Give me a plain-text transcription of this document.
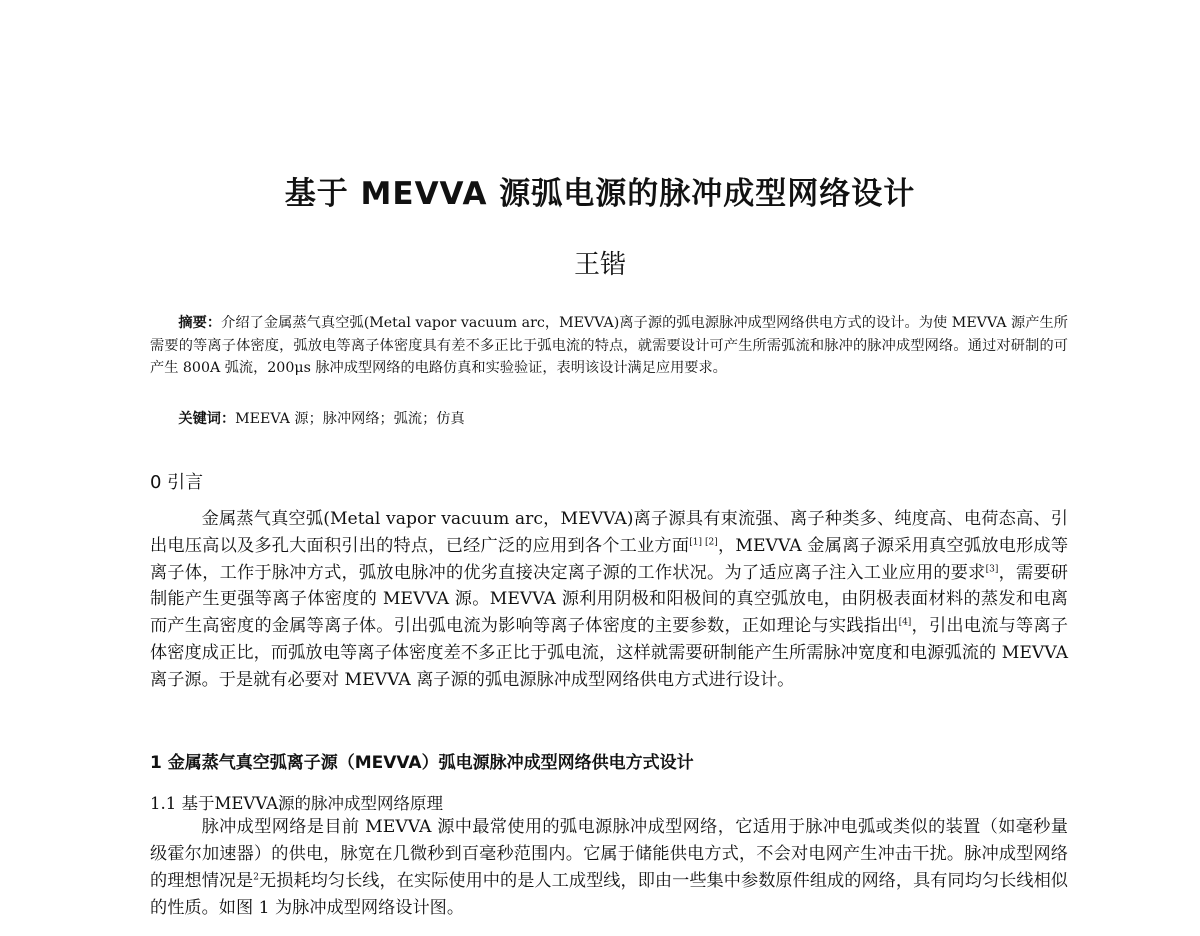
基于 MEVVA 源弧电源的脉冲成型网络设计
王锴
摘要：介绍了金属蒸气真空弧(Metal vapor vacuum arc，MEVVA)离子源的弧电源脉冲成型网络供电方式的设计。为使 MEVVA 源产生所需要的等离子体密度，弧放电等离子体密度具有差不多正比于弧电流的特点，就需要设计可产生所需弧流和脉冲的脉冲成型网络。通过对研制的可产生 800A 弧流，200μs 脉冲成型网络的电路仿真和实验验证，表明该设计满足应用要求。
关键词：MEEVA 源；脉冲网络；弧流；仿真
0 引言
金属蒸气真空弧(Metal vapor vacuum arc，MEVVA)离子源具有束流强、离子种类多、纯度高、电荷态高、引出电压高以及多孔大面积引出的特点，已经广泛的应用到各个工业方面[1] [2]，MEVVA 金属离子源采用真空弧放电形成等离子体，工作于脉冲方式，弧放电脉冲的优劣直接决定离子源的工作状况。为了适应离子注入工业应用的要求[3]，需要研制能产生更强等离子体密度的 MEVVA 源。MEVVA 源利用阴极和阳极间的真空弧放电，由阴极表面材料的蒸发和电离而产生高密度的金属等离子体。引出弧电流为影响等离子体密度的主要参数，正如理论与实践指出[4]，引出电流与等离子体密度成正比，而弧放电等离子体密度差不多正比于弧电流，这样就需要研制能产生所需脉冲宽度和电源弧流的 MEVVA 离子源。于是就有必要对 MEVVA 离子源的弧电源脉冲成型网络供电方式进行设计。
1 金属蒸气真空弧离子源（MEVVA）弧电源脉冲成型网络供电方式设计
1.1 基于MEVVA源的脉冲成型网络原理
脉冲成型网络是目前 MEVVA 源中最常使用的弧电源脉冲成型网络，它适用于脉冲电弧或类似的装置（如毫秒量级霍尔加速器）的供电，脉宽在几微秒到百毫秒范围内。它属于储能供电方式，不会对电网产生冲击干扰。脉冲成型网络的理想情况是$^2$无损耗均匀长线，在实际使用中的是人工成型线，即由一些集中参数原件组成的网络，具有同均匀长线相似的性质。如图 1 为脉冲成型网络设计图。
